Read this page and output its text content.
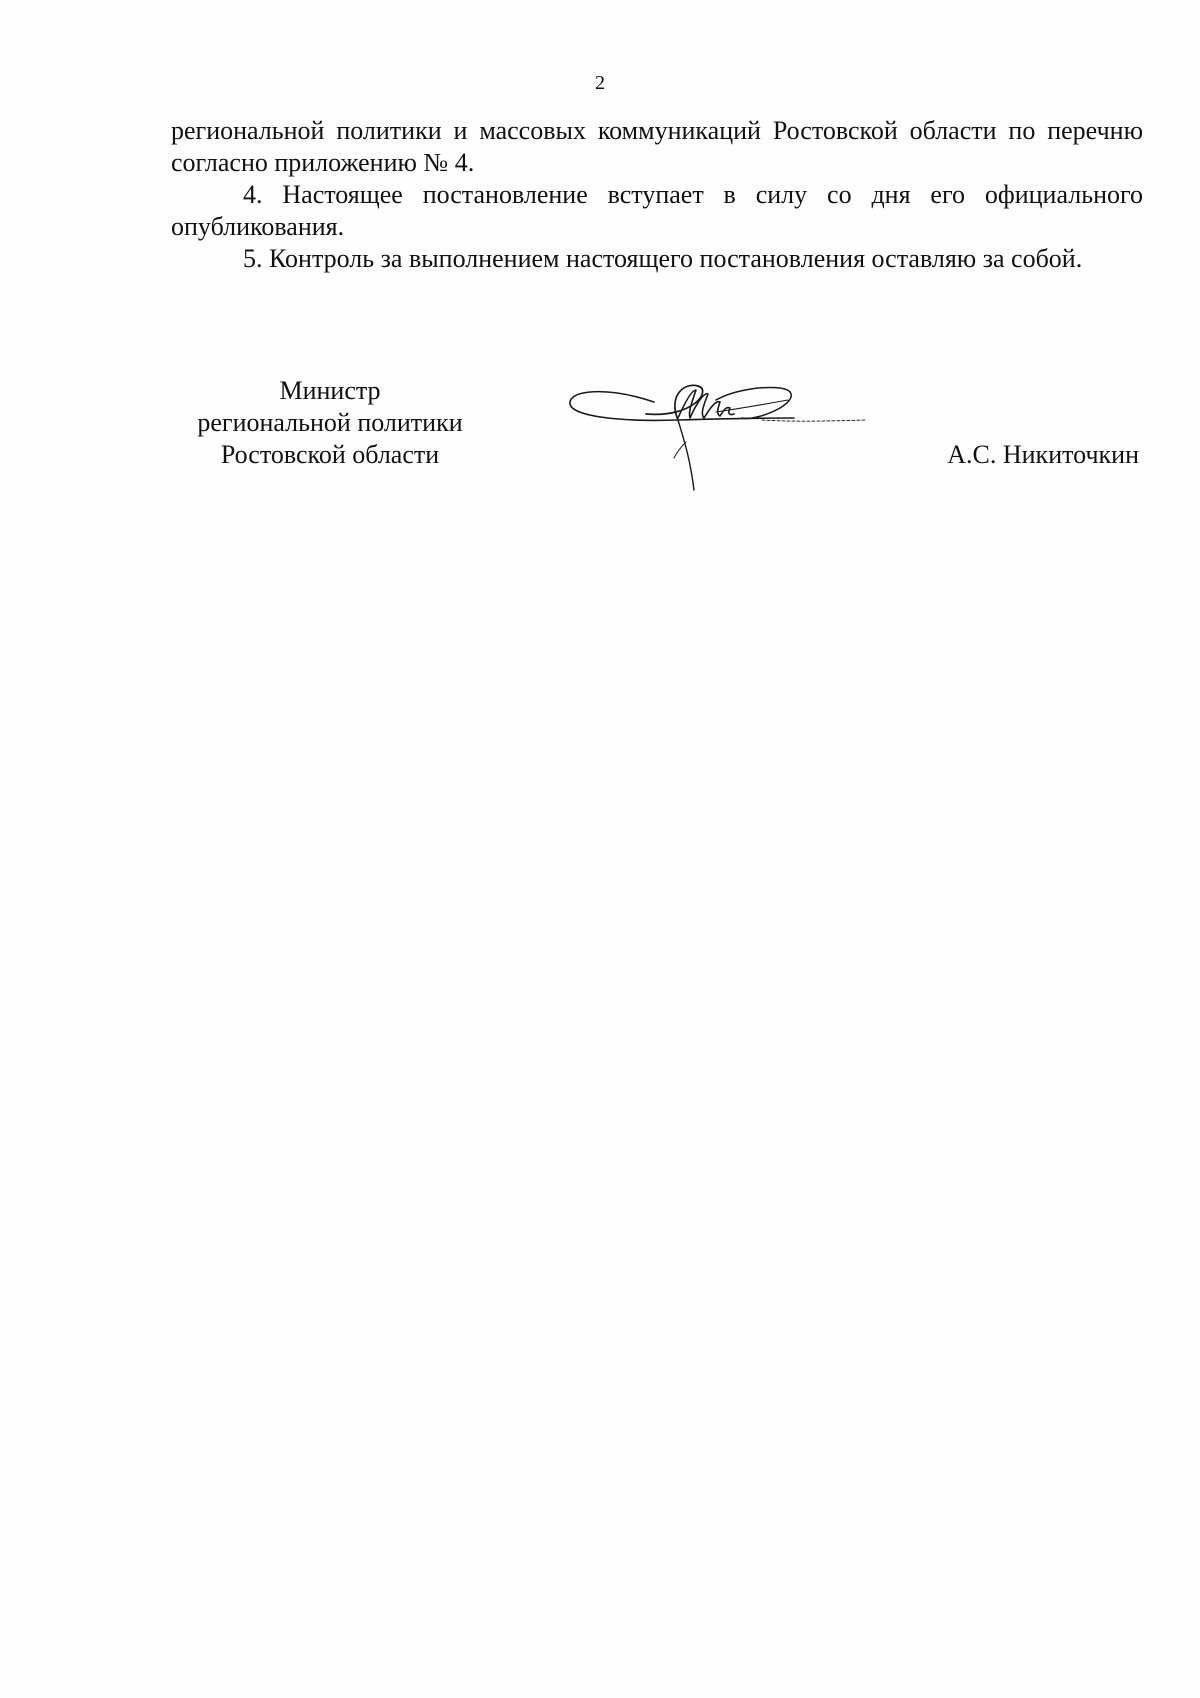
2

региональной политики и массовых коммуникаций Ростовской области по перечню согласно приложению № 4.

4. Настоящее постановление вступает в силу со дня его официального опубликования.

5. Контроль за выполнением настоящего постановления оставляю за собой.

Министр
региональной политики
Ростовской области	А.С. Никиточкин
